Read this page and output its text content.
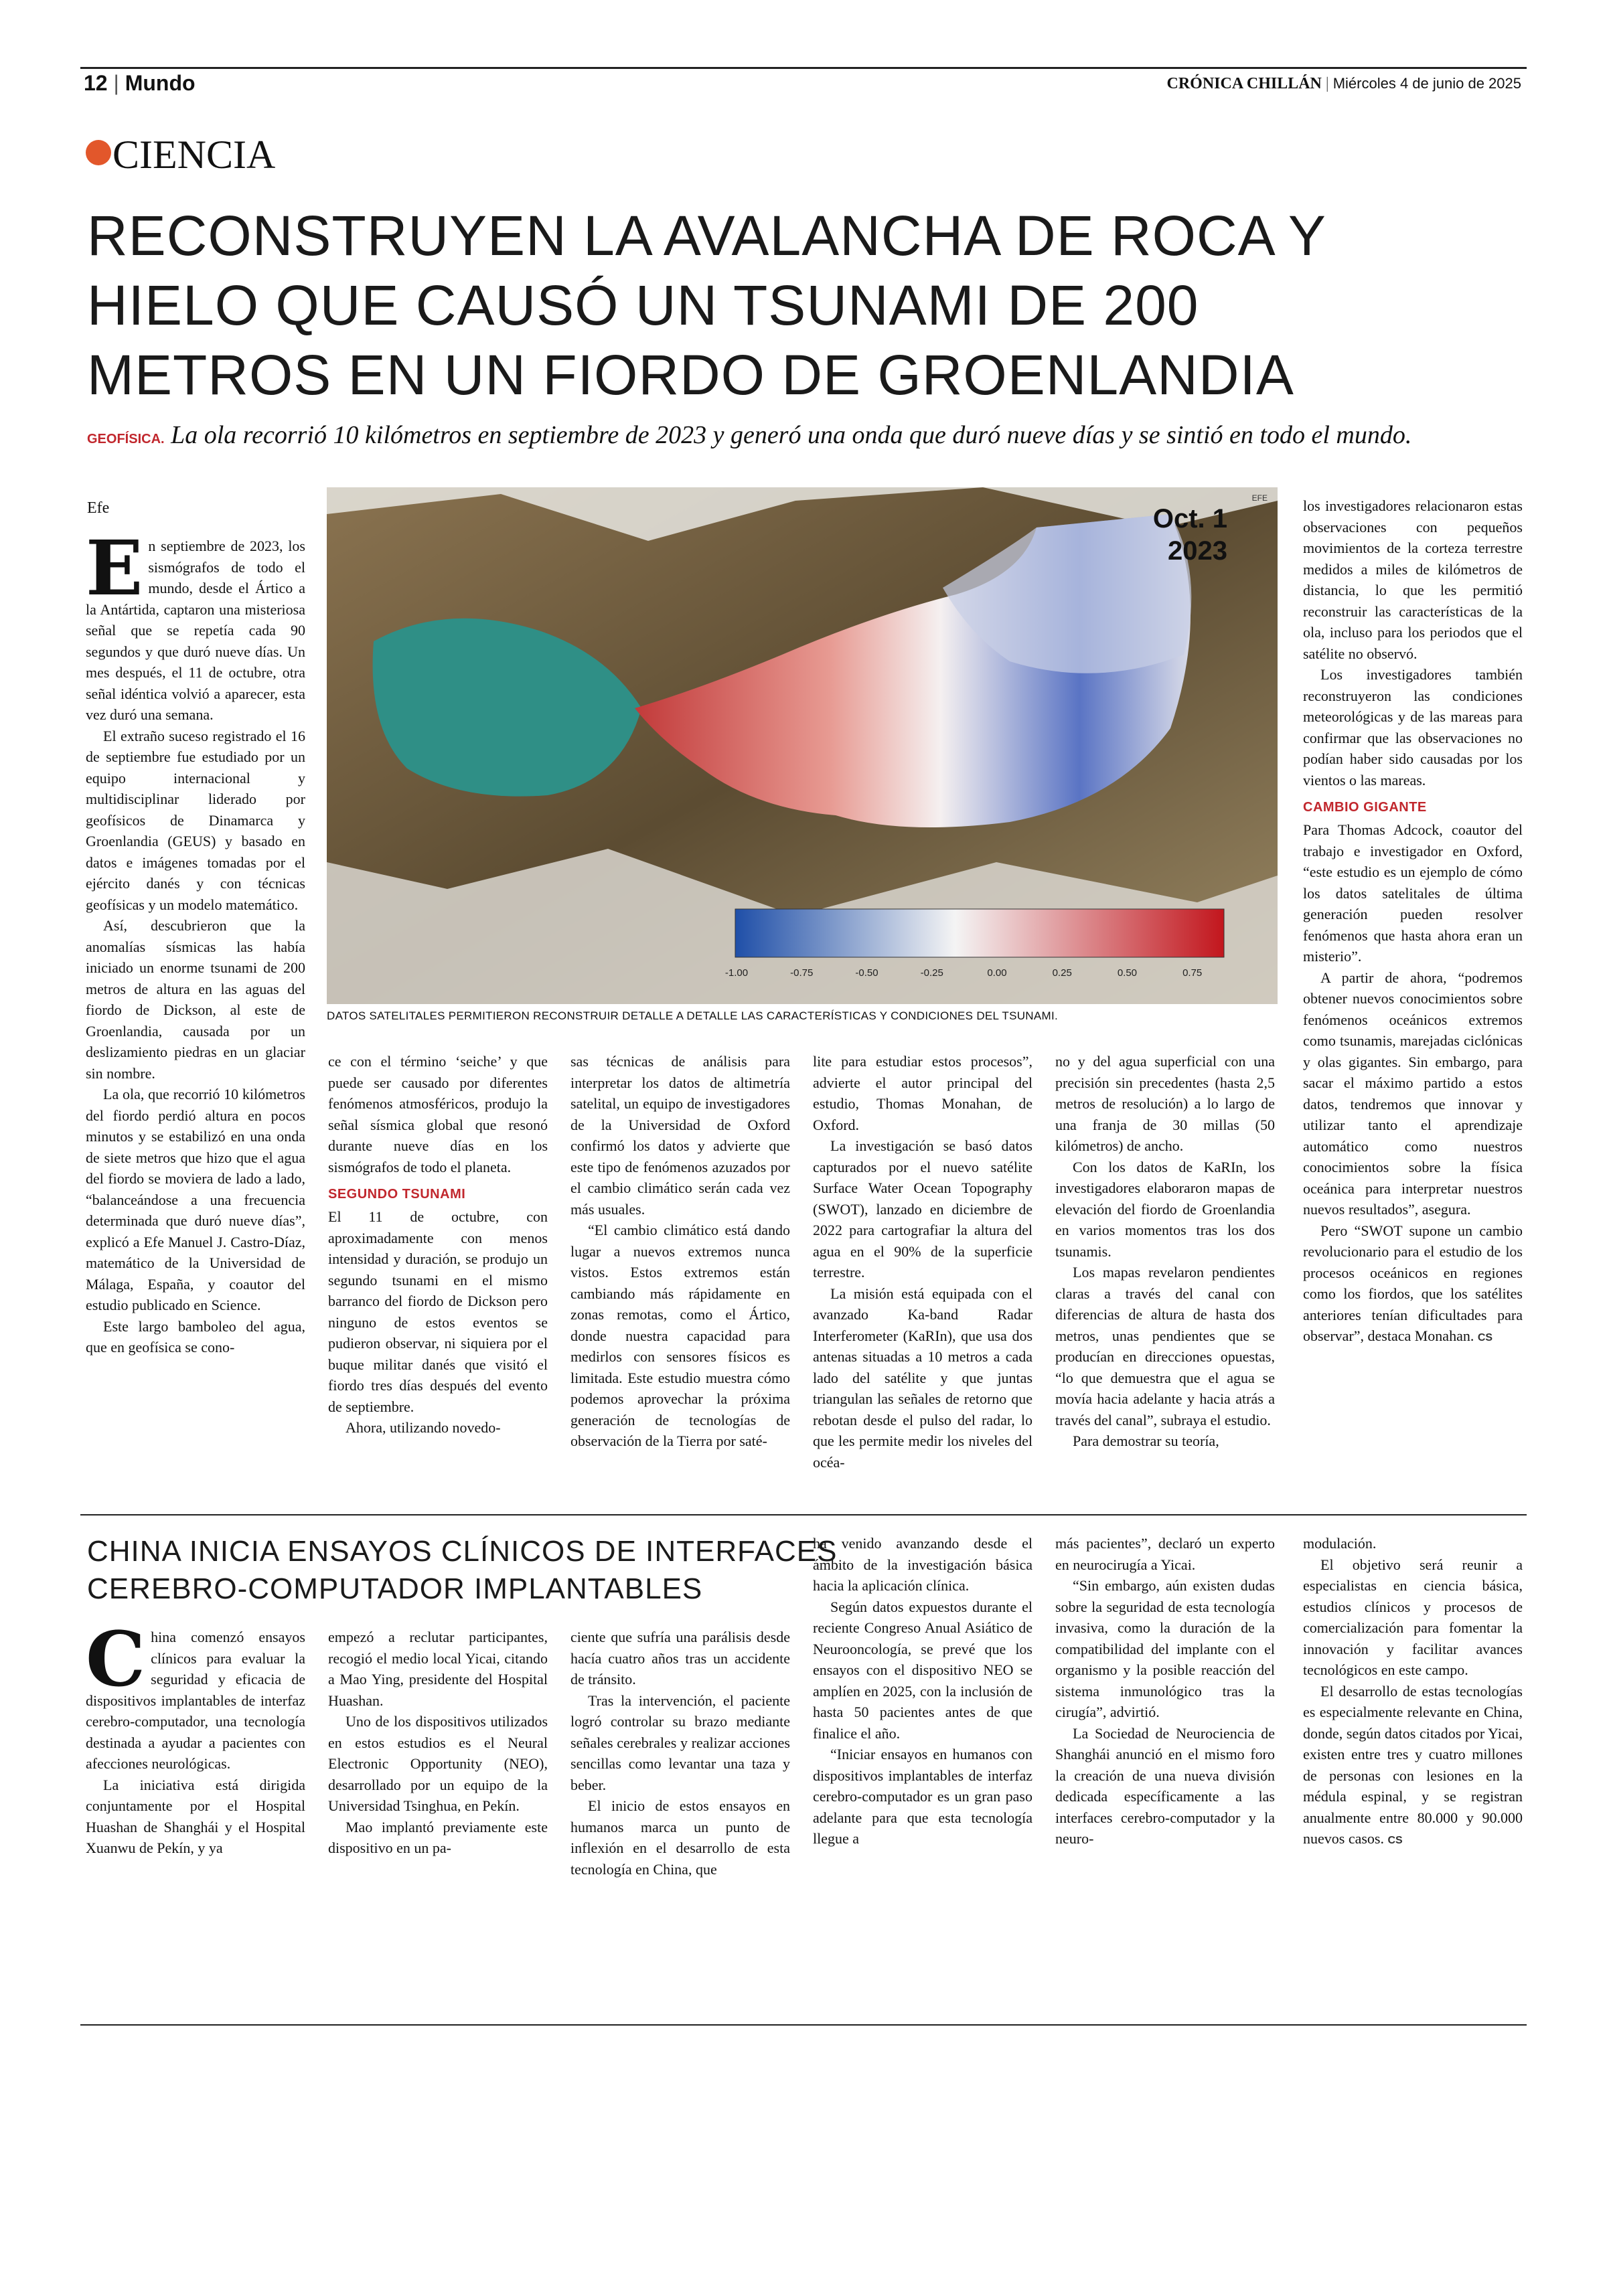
12 | Mundo	CRÓNICA CHILLÁN | Miércoles 4 de junio de 2025
CIENCIA
RECONSTRUYEN LA AVALANCHA DE ROCA Y
HIELO QUE CAUSÓ UN TSUNAMI DE 200
METROS EN UN FIORDO DE GROENLANDIA
GEOFÍSICA. La ola recorrió 10 kilómetros en septiembre de 2023 y generó una onda que duró nueve días y se sintió en todo el mundo.
Efe	Oct. 1
2023
EFE
-1.00	-0.75	-0.50	-0.25	0.00	0.25	0.50	0.75
DATOS SATELITALES PERMITIERON RECONSTRUIR DETALLE A DETALLE LAS CARACTERÍSTICAS Y CONDICIONES DEL TSUNAMI.

En septiembre de 2023, los sismógrafos de todo el mundo, desde el Ártico a la Antártida, captaron una misteriosa señal que se repetía cada 90 segundos y que duró nueve días. Un mes después, el 11 de octubre, otra señal idéntica volvió a aparecer, esta vez duró una semana.

El extraño suceso registrado el 16 de septiembre fue estudiado por un equipo internacional y multidisciplinar liderado por geofísicos de Dinamarca y Groenlandia (GEUS) y basado en datos e imágenes tomadas por el ejército danés y con técnicas geofísicas y un modelo matemático.

Así, descubrieron que la anomalías sísmicas las había iniciado un enorme tsunami de 200 metros de altura en las aguas del fiordo de Dickson, al este de Groenlandia, causada por un deslizamiento piedras en un glaciar sin nombre.

La ola, que recorrió 10 kilómetros del fiordo perdió altura en pocos minutos y se estabilizó en una onda de siete metros que hizo que el agua del fiordo se moviera de lado a lado, “balanceándose a una frecuencia determinada que duró nueve días”, explicó a Efe Manuel J. Castro-Díaz, matemático de la Universidad de Málaga, España, y coautor del estudio publicado en Science.

Este largo bamboleo del agua, que en geofísica se cono-

ce con el término ‘seiche’ y que puede ser causado por diferentes fenómenos atmosféricos, produjo la señal sísmica global que resonó durante nueve días en los sismógrafos de todo el planeta.

SEGUNDO TSUNAMI

El 11 de octubre, con aproximadamente con menos intensidad y duración, se produjo un segundo tsunami en el mismo barranco del fiordo de Dickson pero ninguno de estos eventos se pudieron observar, ni siquiera por el buque militar danés que visitó el fiordo tres días después del evento de septiembre.

Ahora, utilizando novedo-

sas técnicas de análisis para interpretar los datos de altimetría satelital, un equipo de investigadores de la Universidad de Oxford confirmó los datos y advierte que este tipo de fenómenos azuzados por el cambio climático serán cada vez más usuales.

“El cambio climático está dando lugar a nuevos extremos nunca vistos. Estos extremos están cambiando más rápidamente en zonas remotas, como el Ártico, donde nuestra capacidad para medirlos con sensores físicos es limitada. Este estudio muestra cómo podemos aprovechar la próxima generación de tecnologías de observación de la Tierra por saté-

lite para estudiar estos procesos”, advierte el autor principal del estudio, Thomas Monahan, de Oxford.

La investigación se basó datos capturados por el nuevo satélite Surface Water Ocean Topography (SWOT), lanzado en diciembre de 2022 para cartografiar la altura del agua en el 90% de la superficie terrestre.

La misión está equipada con el avanzado Ka-band Radar Interferometer (KaRIn), que usa dos antenas situadas a 10 metros a cada lado del satélite y que juntas triangulan las señales de retorno que rebotan desde el pulso del radar, lo que les permite medir los niveles del océa-

no y del agua superficial con una precisión sin precedentes (hasta 2,5 metros de resolución) a lo largo de una franja de 30 millas (50 kilómetros) de ancho.

Con los datos de KaRIn, los investigadores elaboraron mapas de elevación del fiordo de Groenlandia en varios momentos tras los dos tsunamis.

Los mapas revelaron pendientes claras a través del canal con diferencias de altura de hasta dos metros, unas pendientes que se producían en direcciones opuestas, “lo que demuestra que el agua se movía hacia adelante y hacia atrás a través del canal”, subraya el estudio.

Para demostrar su teoría,

los investigadores relacionaron estas observaciones con pequeños movimientos de la corteza terrestre medidos a miles de kilómetros de distancia, lo que les permitió reconstruir las características de la ola, incluso para los periodos que el satélite no observó.

Los investigadores también reconstruyeron las condiciones meteorológicas y de las mareas para confirmar que las observaciones no podían haber sido causadas por los vientos o las mareas.

CAMBIO GIGANTE

Para Thomas Adcock, coautor del trabajo e investigador en Oxford, “este estudio es un ejemplo de cómo los datos satelitales de última generación pueden resolver fenómenos que hasta ahora eran un misterio”.

A partir de ahora, “podremos obtener nuevos conocimientos sobre fenómenos oceánicos extremos como tsunamis, marejadas ciclónicas y olas gigantes. Sin embargo, para sacar el máximo partido a estos datos, tendremos que innovar y utilizar tanto el aprendizaje automático como nuestros conocimientos sobre la física oceánica para interpretar nuestros nuevos resultados”, asegura.

Pero “SWOT supone un cambio revolucionario para el estudio de los procesos oceánicos en regiones como los fiordos, que los satélites anteriores tenían dificultades para observar”, destaca Monahan. CS

CHINA INICIA ENSAYOS CLÍNICOS DE INTERFACES
CEREBRO-COMPUTADOR IMPLANTABLES

China comenzó ensayos clínicos para evaluar la seguridad y eficacia de dispositivos implantables de interfaz cerebro-computador, una tecnología destinada a ayudar a pacientes con afecciones neurológicas.

La iniciativa está dirigida conjuntamente por el Hospital Huashan de Shanghái y el Hospital Xuanwu de Pekín, y ya

empezó a reclutar participantes, recogió el medio local Yicai, citando a Mao Ying, presidente del Hospital Huashan.

Uno de los dispositivos utilizados en estos estudios es el Neural Electronic Opportunity (NEO), desarrollado por un equipo de la Universidad Tsinghua, en Pekín.

Mao implantó previamente este dispositivo en un pa-

ciente que sufría una parálisis desde hacía cuatro años tras un accidente de tránsito.

Tras la intervención, el paciente logró controlar su brazo mediante señales cerebrales y realizar acciones sencillas como levantar una taza y beber.

El inicio de estos ensayos en humanos marca un punto de inflexión en el desarrollo de esta tecnología en China, que

ha venido avanzando desde el ámbito de la investigación básica hacia la aplicación clínica.

Según datos expuestos durante el reciente Congreso Anual Asiático de Neurooncología, se prevé que los ensayos con el dispositivo NEO se amplíen en 2025, con la inclusión de hasta 50 pacientes antes de que finalice el año.

“Iniciar ensayos en humanos con dispositivos implantables de interfaz cerebro-computador es un gran paso adelante para que esta tecnología llegue a

más pacientes”, declaró un experto en neurocirugía a Yicai.

“Sin embargo, aún existen dudas sobre la seguridad de esta tecnología invasiva, como la duración de la compatibilidad del implante con el organismo y la posible reacción del sistema inmunológico tras la cirugía”, advirtió.

La Sociedad de Neurociencia de Shanghái anunció en el mismo foro la creación de una nueva división dedicada específicamente a las interfaces cerebro-computador y la neuro-

modulación.

El objetivo será reunir a especialistas en ciencia básica, estudios clínicos y procesos de comercialización para fomentar la innovación y facilitar avances tecnológicos en este campo.

El desarrollo de estas tecnologías es especialmente relevante en China, donde, según datos citados por Yicai, existen entre tres y cuatro millones de personas con lesiones en la médula espinal, y se registran anualmente entre 80.000 y 90.000 nuevos casos. CS
